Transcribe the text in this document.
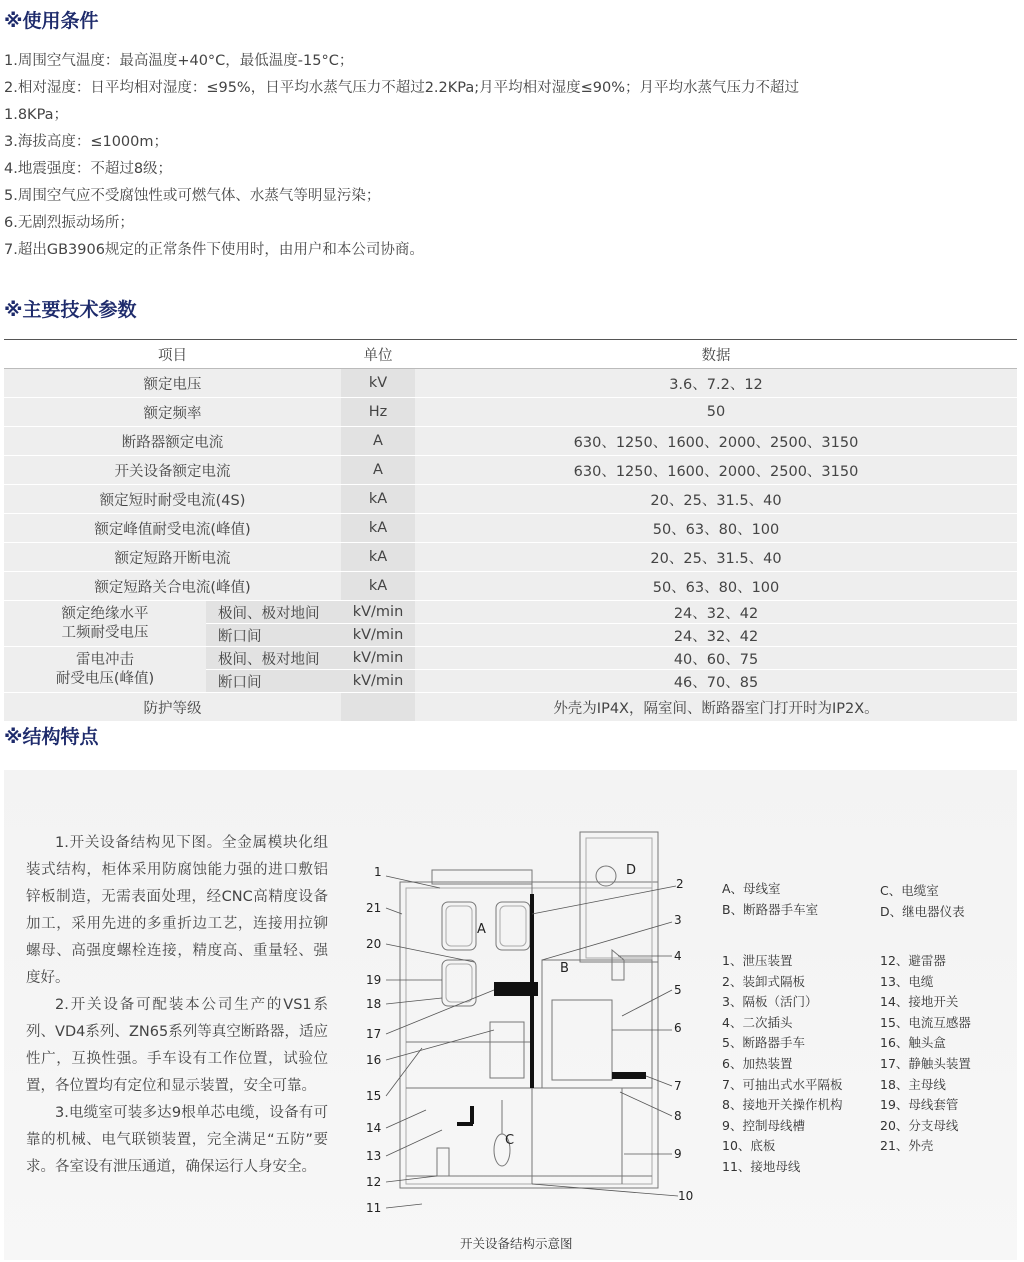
※使用条件
1.周围空气温度：最高温度+40°C，最低温度-15°C；
2.相对湿度：日平均相对湿度：≤95%，日平均水蒸气压力不超过2.2KPa;月平均相对湿度≤90%；月平均水蒸气压力不超过
1.8KPa；
3.海拔高度：≤1000m；
4.地震强度：不超过8级；
5.周围空气应不受腐蚀性或可燃气体、水蒸气等明显污染；
6.无剧烈振动场所；
7.超出GB3906规定的正常条件下使用时，由用户和本公司协商。
※主要技术参数
项目		单位	数据
额定电压		kV	3.6、7.2、12
额定频率		Hz	50
断路器额定电流		A	630、1250、1600、2000、2500、3150
开关设备额定电流		A	630、1250、1600、2000、2500、3150
额定短时耐受电流(4S)		kA	20、25、31.5、40
额定峰值耐受电流(峰值)		kA	50、63、80、100
额定短路开断电流		kA	20、25、31.5、40
额定短路关合电流(峰值)		kA	50、63、80、100
额定绝缘水平
工频耐受电压	极间、极对地间	kV/min	24、32、42
	断口间	kV/min	24、32、42
雷电冲击
耐受电压(峰值)	极间、极对地间	kV/min	40、60、75
	断口间	kV/min	46、70、85
防护等级			外壳为IP4X，隔室间、断路器室门打开时为IP2X。
※结构特点

1.开关设备结构见下图。全金属模块化组装式结构，柜体采用防腐蚀能力强的进口敷铝锌板制造，无需表面处理，经CNC高精度设备加工，采用先进的多重折边工艺，连接用拉铆螺母、高强度螺栓连接，精度高、重量轻、强度好。

2.开关设备可配装本公司生产的VS1系列、VD4系列、ZN65系列等真空断路器，适应性广，互换性强。手车设有工作位置，试验位置，各位置均有定位和显示装置，安全可靠。

3.电缆室可装多达9根单芯电缆，设备有可靠的机械、电气联锁装置，完全满足“五防”要求。各室设有泄压通道，确保运行人身安全。

A
B
C
D
1
2
3
4
5
6
7
8
9
10
11
12
13
14
15
16
17
18
19
20
21
开关设备结构示意图
A、母线室
B、断路器手车室
C、电缆室
D、继电器仪表
1、泄压装置
2、装卸式隔板
3、隔板（活门）
4、二次插头
5、断路器手车
6、加热装置
7、可抽出式水平隔板
8、接地开关操作机构
9、控制母线槽
10、底板
11、接地母线
12、避雷器
13、电缆
14、接地开关
15、电流互感器
16、触头盒
17、静触头装置
18、主母线
19、母线套管
20、分支母线
21、外壳
